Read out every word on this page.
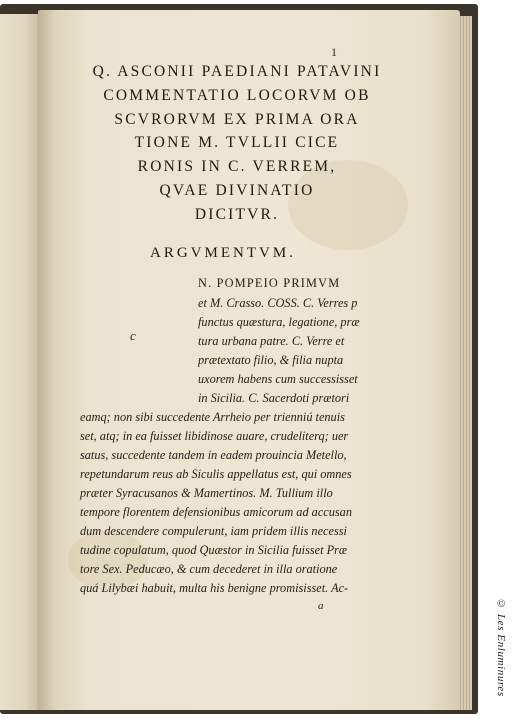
1
Q. ASCONII PAEDIANI PATAVINI
COMMENTATIO LOCORVM OB
SCVRORVM EX PRIMA ORA
TIONE M. TVLLII CICE
RONIS IN C. VERREM,
QVAE DIVINATIO
DICITVR.
ARGVMENTVM.
c
N. POMPEIO PRIMVM
et M. Crasso. COSS. C. Verres p
functus quæstura, legatione, præ
tura urbana patre. C. Verre et
prætextato filio, & filia nupta
uxorem habens cum successisset
in Sicilia. C. Sacerdoti prætori
eamq; non sibi succedente Arrheio per trienniú tenuis
set, atq; in ea fuisset libidinose auare, crudeliterq; uer
satus, succedente tandem in eadem prouincia Metello,
repetundarum reus ab Siculis appellatus est, qui omnes
præter Syracusanos & Mamertinos. M. Tullium illo
tempore florentem defensionibus amicorum ad accusan
dum descendere compulerunt, iam pridem illis necessi
tudine copulatum, quod Quæstor in Sicilia fuisset Præ
tore Sex. Peducæo, & cum decederet in illa oratione
quá Lilybæi habuit, multa his benigne promisisset. Ac-
a	© Les Enluminures
